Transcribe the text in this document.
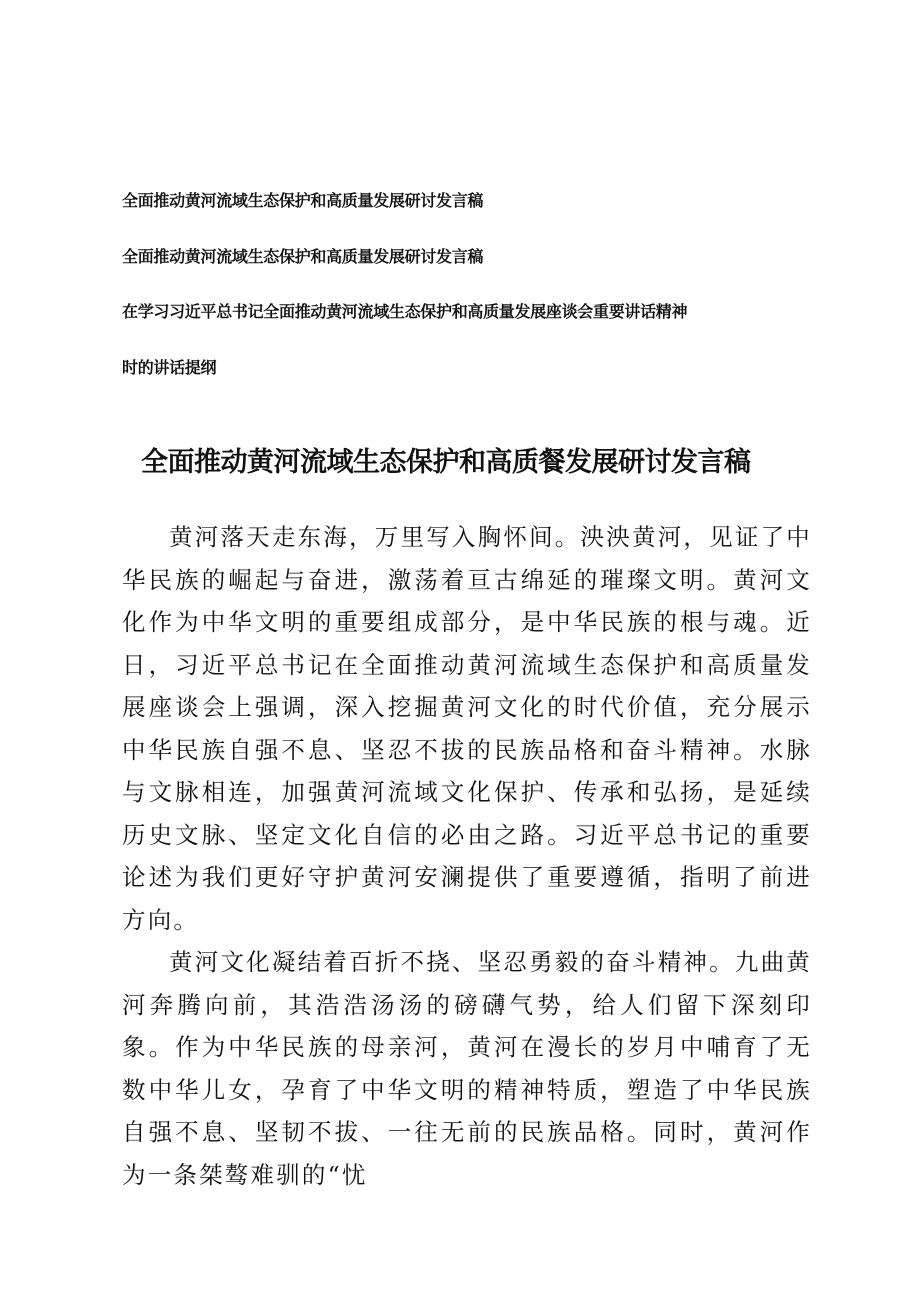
全面推动黄河流域生态保护和高质量发展研讨发言稿
全面推动黄河流域生态保护和高质量发展研讨发言稿
在学习习近平总书记全面推动黄河流域生态保护和高质量发展座谈会重要讲话精神
时的讲话提纲
全面推动黄河流域生态保护和高质餐发展研讨发言稿

黄河落天走东海，万里写入胸怀间。泱泱黄河，见证了中华民族的崛起与奋进，激荡着亘古绵延的璀璨文明。黄河文化作为中华文明的重要组成部分，是中华民族的根与魂。近日，习近平总书记在全面推动黄河流域生态保护和高质量发展座谈会上强调，深入挖掘黄河文化的时代价值，充分展示中华民族自强不息、坚忍不拔的民族品格和奋斗精神。水脉与文脉相连，加强黄河流域文化保护、传承和弘扬，是延续历史文脉、坚定文化自信的必由之路。习近平总书记的重要论述为我们更好守护黄河安澜提供了重要遵循，指明了前进方向。

黄河文化凝结着百折不挠、坚忍勇毅的奋斗精神。九曲黄河奔腾向前，其浩浩汤汤的磅礴气势，给人们留下深刻印象。作为中华民族的母亲河，黄河在漫长的岁月中哺育了无数中华儿女，孕育了中华文明的精神特质，塑造了中华民族自强不息、坚韧不拔、一往无前的民族品格。同时，黄河作为一条桀骜难驯的“忧
